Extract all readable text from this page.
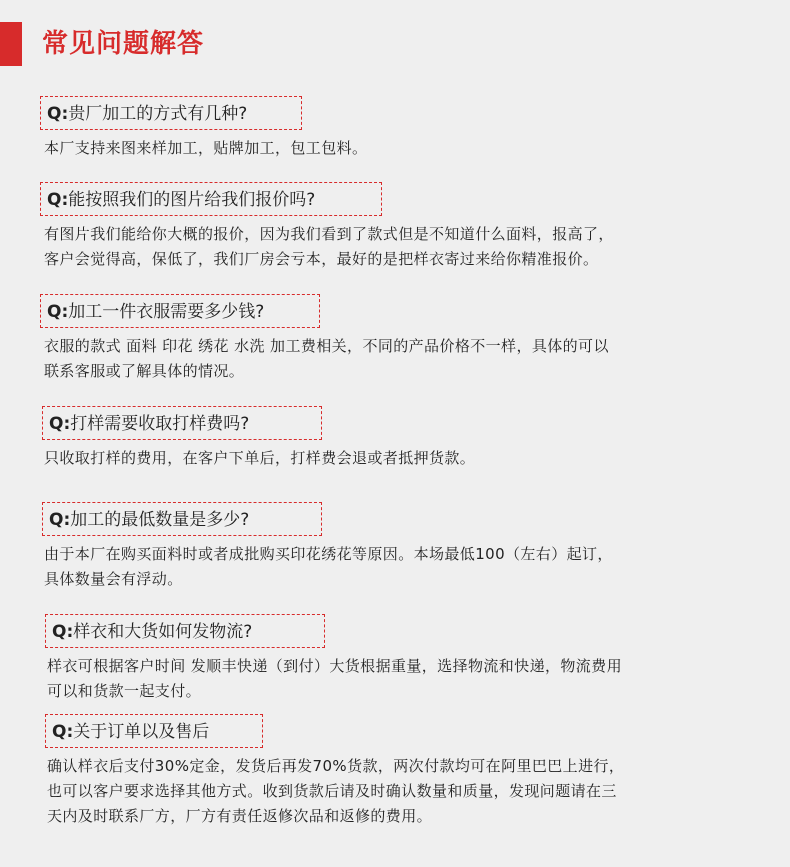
常见问题解答
Q:贵厂加工的方式有几种?
本厂支持来图来样加工，贴牌加工，包工包料。
Q:能按照我们的图片给我们报价吗?
有图片我们能给你大概的报价，因为我们看到了款式但是不知道什么面料，报高了，
客户会觉得高，保低了，我们厂房会亏本，最好的是把样衣寄过来给你精准报价。
Q:加工一件衣服需要多少钱?
衣服的款式 面料 印花 绣花 水洗 加工费相关，不同的产品价格不一样，具体的可以
联系客服或了解具体的情况。
Q:打样需要收取打样费吗?
只收取打样的费用，在客户下单后，打样费会退或者抵押货款。
Q:加工的最低数量是多少?
由于本厂在购买面料时或者成批购买印花绣花等原因。本场最低100（左右）起订，
具体数量会有浮动。
Q:样衣和大货如何发物流?
样衣可根据客户时间 发顺丰快递（到付）大货根据重量，选择物流和快递，物流费用
可以和货款一起支付。
Q:关于订单以及售后
确认样衣后支付30%定金，发货后再发70%货款，两次付款均可在阿里巴巴上进行，
也可以客户要求选择其他方式。收到货款后请及时确认数量和质量，发现问题请在三
天内及时联系厂方，厂方有责任返修次品和返修的费用。
